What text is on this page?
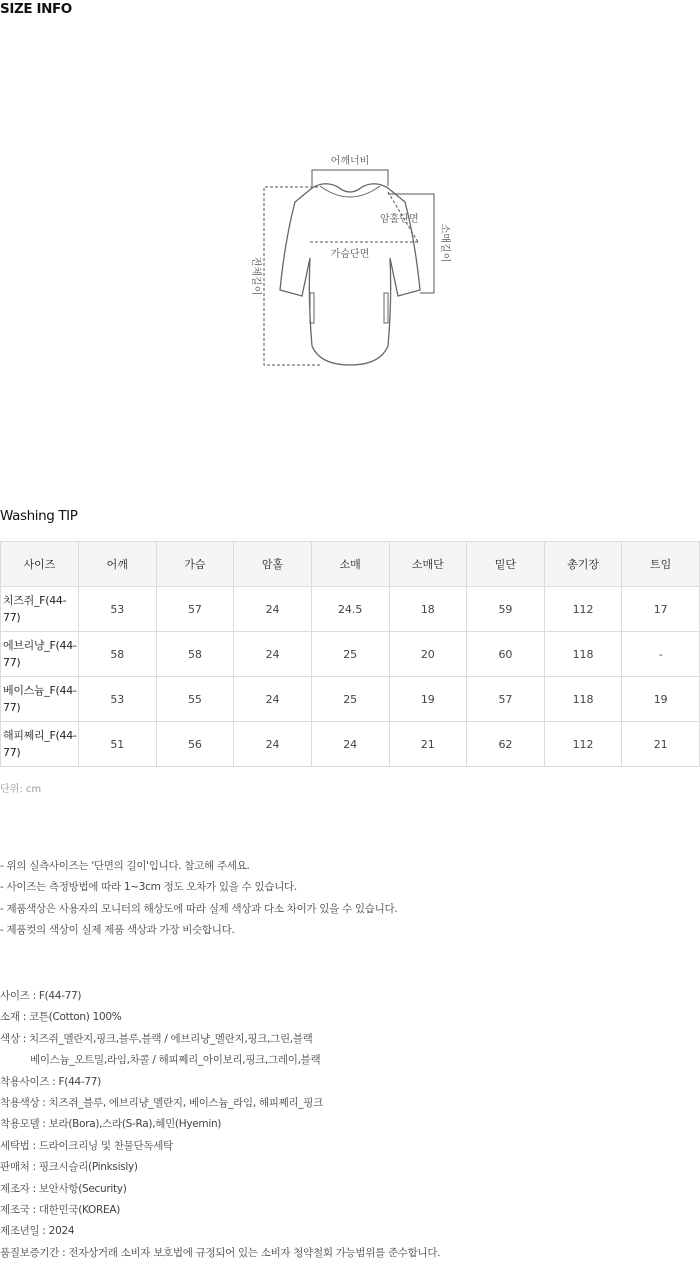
SIZE INFO
어깨너비
가슴단면
암홀단면
소매길이
전체길이
Washing TIP
사이즈	어깨	가슴	암홀	소매	소매단	밑단	총기장	트임
치즈쥐_F(44-77)	53	57	24	24.5	18	59	112	17
에브리냥_F(44-77)	58	58	24	25	20	60	118	-
베이스늄_F(44-77)	53	55	24	25	19	57	118	19
해피쩨리_F(44-77)	51	56	24	24	21	62	112	21
단위: cm
- 위의 실측사이즈는 '단면의 길이'입니다. 참고해 주세요.
- 사이즈는 측정방법에 따라 1~3cm 정도 오차가 있을 수 있습니다.
- 제품색상은 사용자의 모니터의 해상도에 따라 실제 색상과 다소 차이가 있을 수 있습니다.
- 제품컷의 색상이 실제 제품 색상과 가장 비슷합니다.
사이즈 : F(44-77)
소재 : 코튼(Cotton) 100%
색상 : 치즈쥐_멜란지,핑크,블루,블랙 / 에브리냥_멜란지,핑크,그린,블랙
베이스늄_오트밀,라임,차콜 / 해피쩨리_아이보리,핑크,그레이,블랙
착용사이즈 : F(44-77)
착용색상 : 치즈쥐_블루, 에브리냥_멜란지, 베이스늄_라임, 해피쩨리_핑크
착용모델 : 보라(Bora),스라(S-Ra),혜민(Hyemin)
세탁법 : 드라이크리닝 및 찬물단독세탁
판매처 : 핑크시슬리(Pinksisly)
제조자 : 보안사항(Security)
제조국 : 대한민국(KOREA)
제조년일 : 2024
품질보증기간 : 전자상거래 소비자 보호법에 규정되어 있는 소비자 청약철회 가능범위를 준수합니다.
